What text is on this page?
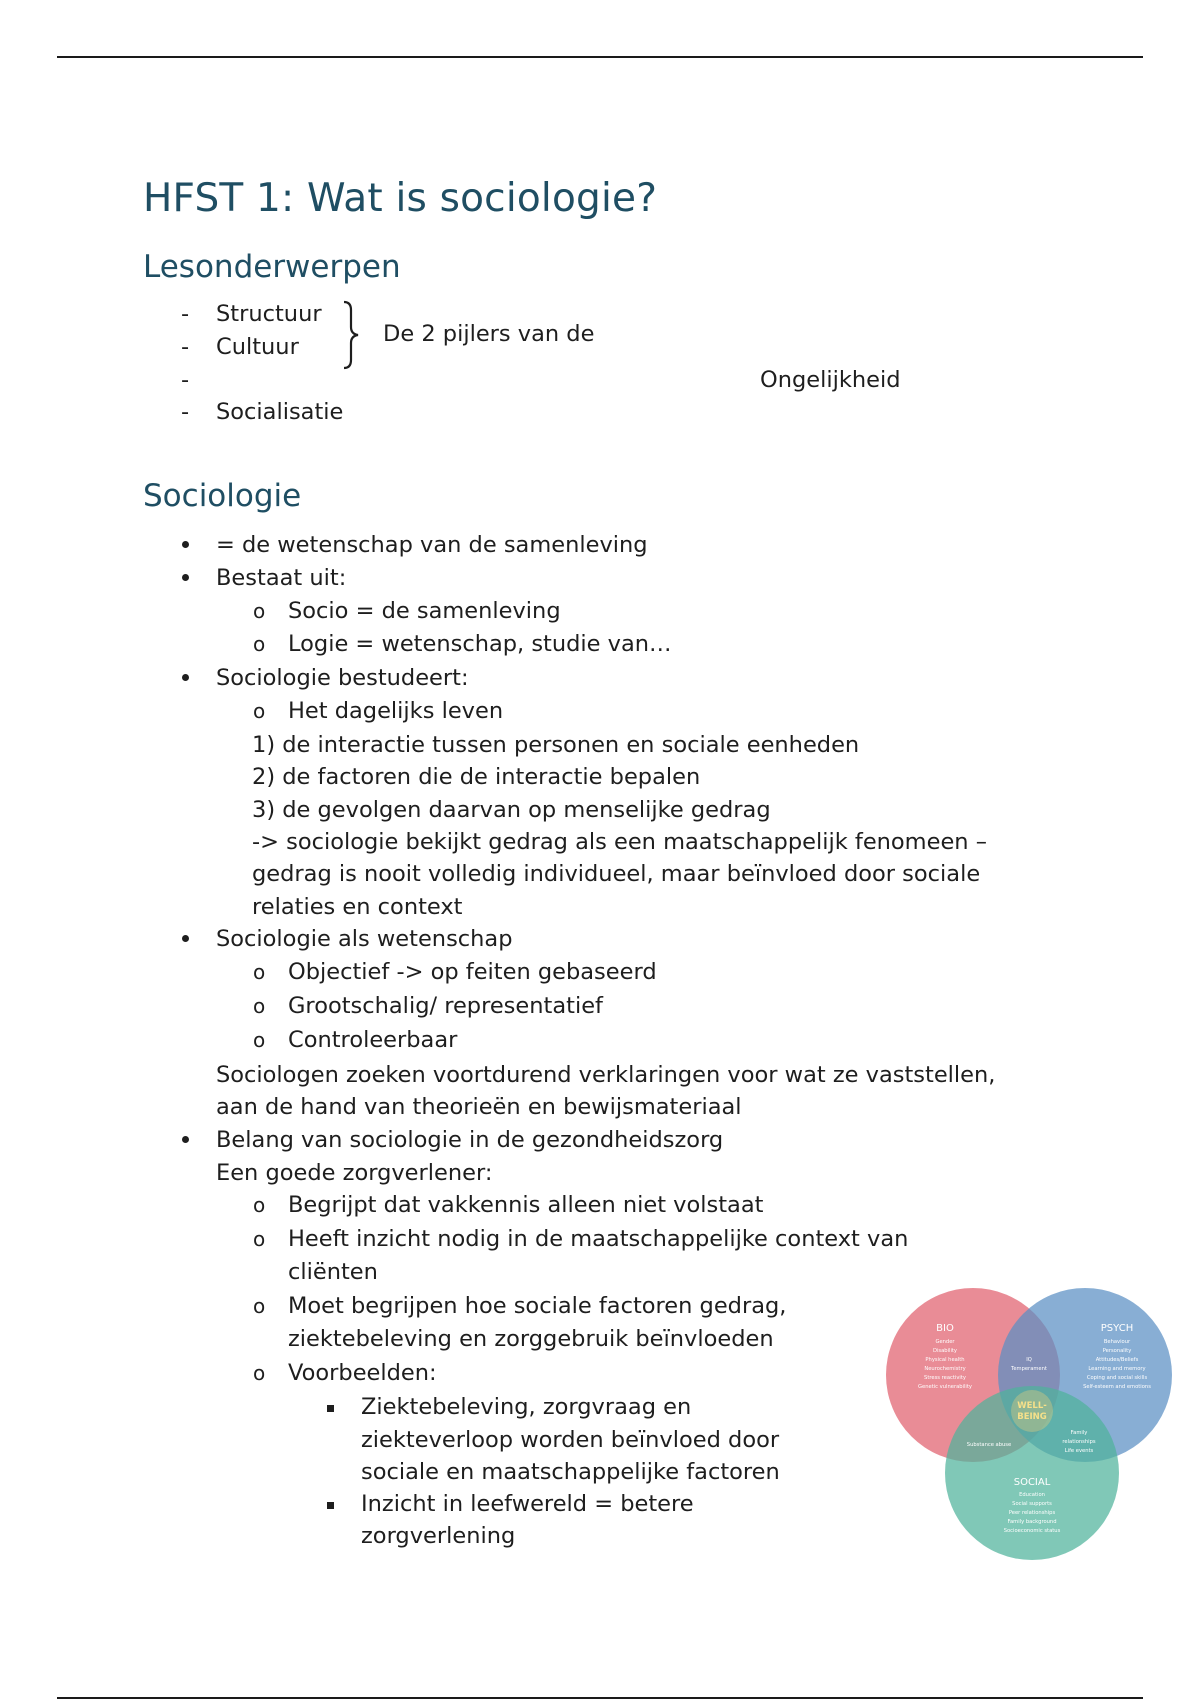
HFST 1: Wat is sociologie?
Lesonderwerpen
- Structuur
- Cultuur
-
- Socialisatie
De 2 pijlers van de
Ongelijkheid
Sociologie
= de wetenschap van de samenleving
Bestaat uit:
o Socio = de samenleving
o Logie = wetenschap, studie van…
Sociologie bestudeert:
o Het dagelijks leven
1) de interactie tussen personen en sociale eenheden
2) de factoren die de interactie bepalen
3) de gevolgen daarvan op menselijke gedrag
-> sociologie bekijkt gedrag als een maatschappelijk fenomeen –
gedrag is nooit volledig individueel, maar beïnvloed door sociale
relaties en context
Sociologie als wetenschap
o Objectief -> op feiten gebaseerd
o Grootschalig/ representatief
o Controleerbaar
Sociologen zoeken voortdurend verklaringen voor wat ze vaststellen,
aan de hand van theorieën en bewijsmateriaal
Belang van sociologie in de gezondheidszorg
Een goede zorgverlener:
o Begrijpt dat vakkennis alleen niet volstaat
o Heeft inzicht nodig in de maatschappelijke context van
cliënten
o Moet begrijpen hoe sociale factoren gedrag,
ziektebeleving en zorggebruik beïnvloeden
o Voorbeelden:
Ziektebeleving, zorgvraag en
ziekteverloop worden beïnvloed door
sociale en maatschappelijke factoren
Inzicht in leefwereld = betere
zorgverlening
BIO
Gender
Disability
Physical health
Neurochemistry
Stress reactivity
Genetic vulnerability
PSYCH
Behaviour
Personality
Attitudes/Beliefs
Learning and memory
Coping and social skills
Self-esteem and emotions
SOCIAL
Education
Social supports
Peer relationships
Family background
Socioeconomic status
IQ
Temperament
Substance abuse
Family
relationships
Life events
WELL-
BEING
